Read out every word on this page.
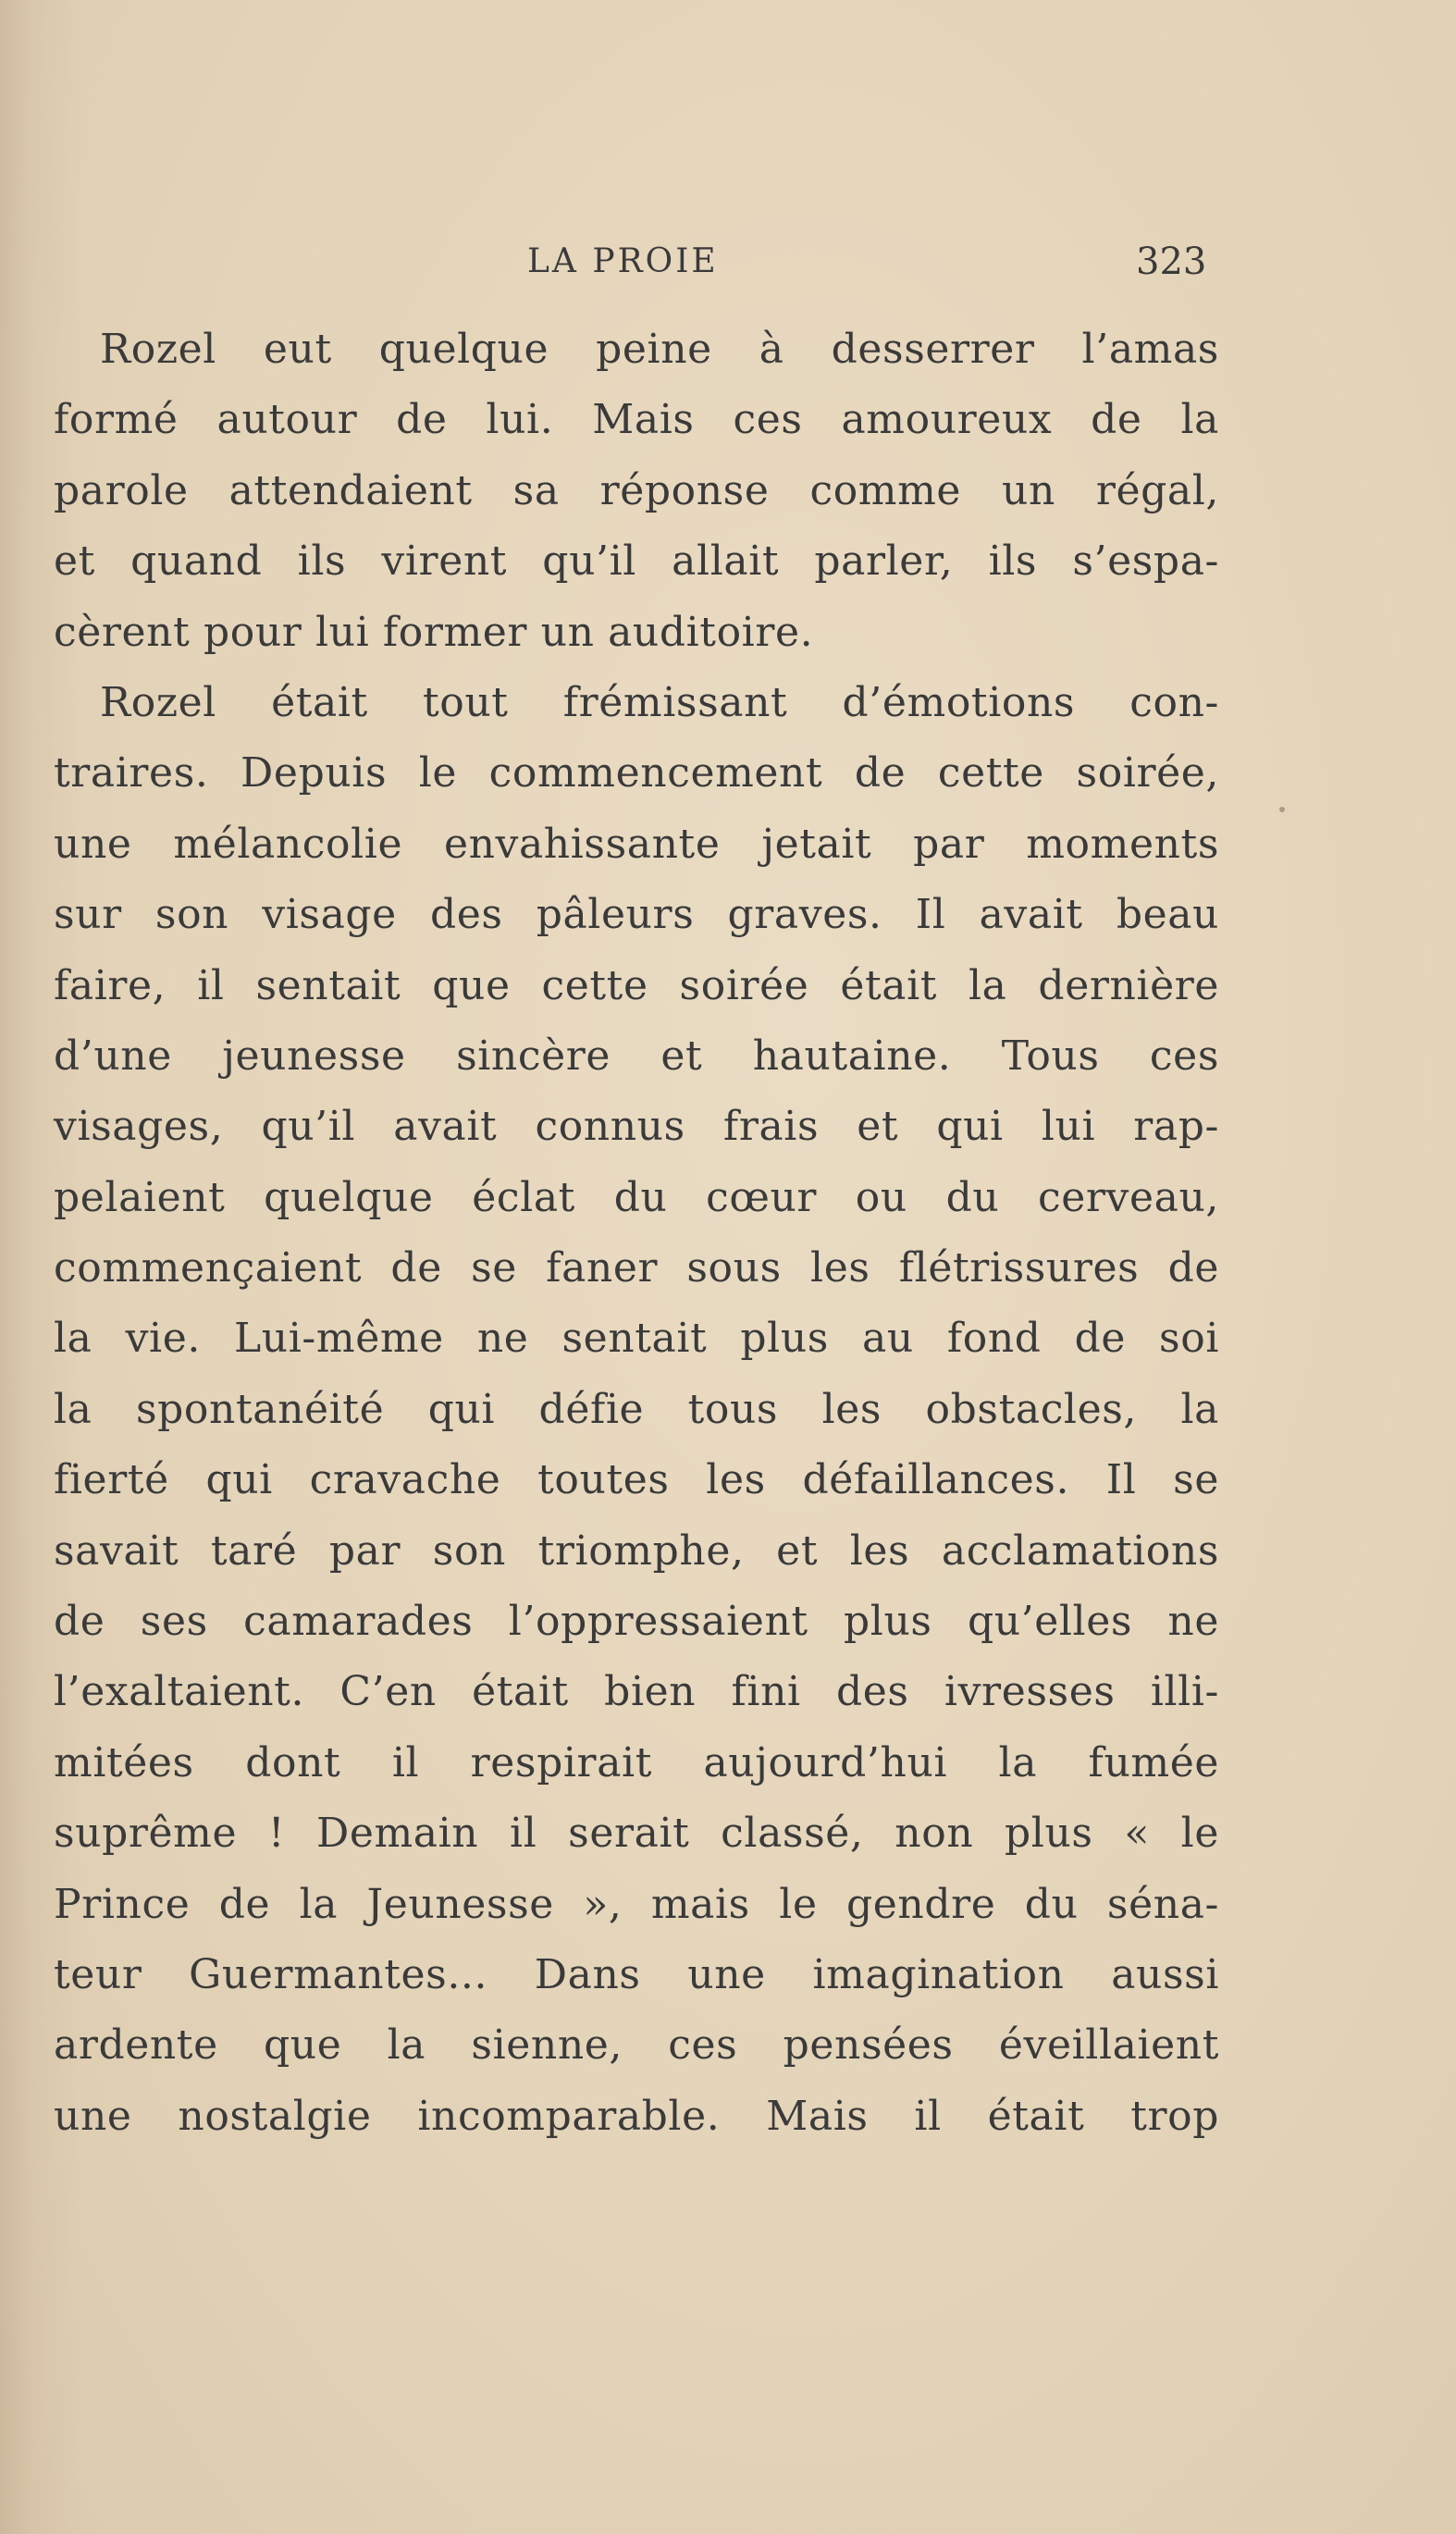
LA PROIE	323
Rozel eut quelque peine à desserrer l’amas
formé autour de lui. Mais ces amoureux de la
parole attendaient sa réponse comme un régal,
et quand ils virent qu’il allait parler, ils s’espa-
cèrent pour lui former un auditoire.
Rozel était tout frémissant d’émotions con-
traires. Depuis le commencement de cette soirée,
une mélancolie envahissante jetait par moments
sur son visage des pâleurs graves. Il avait beau
faire, il sentait que cette soirée était la dernière
d’une jeunesse sincère et hautaine. Tous ces
visages, qu’il avait connus frais et qui lui rap-
pelaient quelque éclat du cœur ou du cerveau,
commençaient de se faner sous les flétrissures de
la vie. Lui-même ne sentait plus au fond de soi
la spontanéité qui défie tous les obstacles, la
fierté qui cravache toutes les défaillances. Il se
savait taré par son triomphe, et les acclamations
de ses camarades l’oppressaient plus qu’elles ne
l’exaltaient. C’en était bien fini des ivresses illi-
mitées dont il respirait aujourd’hui la fumée
suprême ! Demain il serait classé, non plus « le
Prince de la Jeunesse », mais le gendre du séna-
teur Guermantes... Dans une imagination aussi
ardente que la sienne, ces pensées éveillaient
une nostalgie incomparable. Mais il était trop
